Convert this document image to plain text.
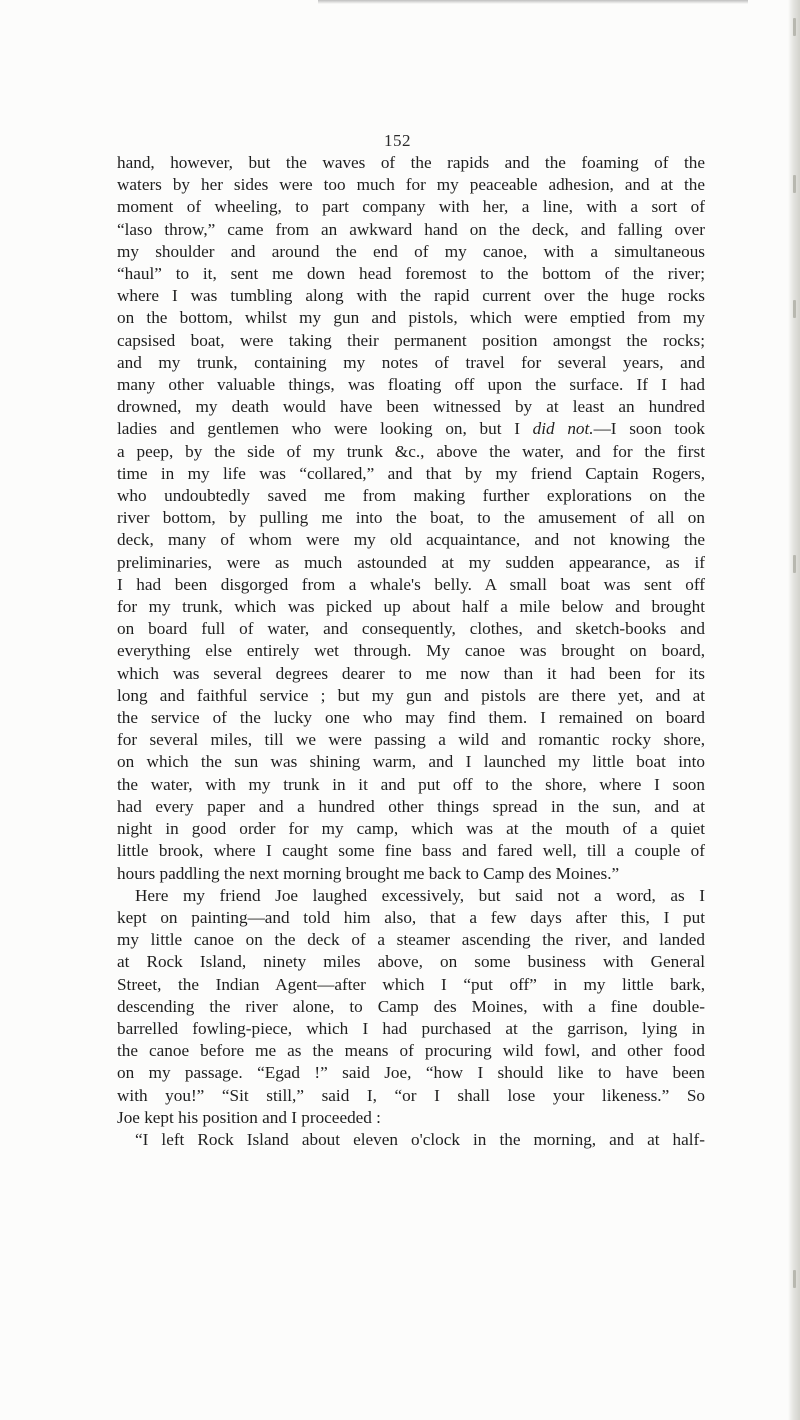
152
hand, however, but the waves of the rapids and the foaming of the
waters by her sides were too much for my peaceable adhesion, and at the
moment of wheeling, to part company with her, a line, with a sort of
“laso throw,” came from an awkward hand on the deck, and falling over
my shoulder and around the end of my canoe, with a simultaneous
“haul” to it, sent me down head foremost to the bottom of the river;
where I was tumbling along with the rapid current over the huge rocks
on the bottom, whilst my gun and pistols, which were emptied from my
capsised boat, were taking their permanent position amongst the rocks;
and my trunk, containing my notes of travel for several years, and
many other valuable things, was floating off upon the surface. If I had
drowned, my death would have been witnessed by at least an hundred
ladies and gentlemen who were looking on, but I did not.—I soon took
a peep, by the side of my trunk &c., above the water, and for the first
time in my life was “collared,” and that by my friend Captain Rogers,
who undoubtedly saved me from making further explorations on the
river bottom, by pulling me into the boat, to the amusement of all on
deck, many of whom were my old acquaintance, and not knowing the
preliminaries, were as much astounded at my sudden appearance, as if
I had been disgorged from a whale's belly. A small boat was sent off
for my trunk, which was picked up about half a mile below and brought
on board full of water, and consequently, clothes, and sketch-books and
everything else entirely wet through. My canoe was brought on board,
which was several degrees dearer to me now than it had been for its
long and faithful service ; but my gun and pistols are there yet, and at
the service of the lucky one who may find them. I remained on board
for several miles, till we were passing a wild and romantic rocky shore,
on which the sun was shining warm, and I launched my little boat into
the water, with my trunk in it and put off to the shore, where I soon
had every paper and a hundred other things spread in the sun, and at
night in good order for my camp, which was at the mouth of a quiet
little brook, where I caught some fine bass and fared well, till a couple of
hours paddling the next morning brought me back to Camp des Moines.”
Here my friend Joe laughed excessively, but said not a word, as I
kept on painting—and told him also, that a few days after this, I put
my little canoe on the deck of a steamer ascending the river, and landed
at Rock Island, ninety miles above, on some business with General
Street, the Indian Agent—after which I “put off” in my little bark,
descending the river alone, to Camp des Moines, with a fine double-
barrelled fowling-piece, which I had purchased at the garrison, lying in
the canoe before me as the means of procuring wild fowl, and other food
on my passage. “Egad !” said Joe, “how I should like to have been
with you!” “Sit still,” said I, “or I shall lose your likeness.” So
Joe kept his position and I proceeded :
“I left Rock Island about eleven o'clock in the morning, and at half-
